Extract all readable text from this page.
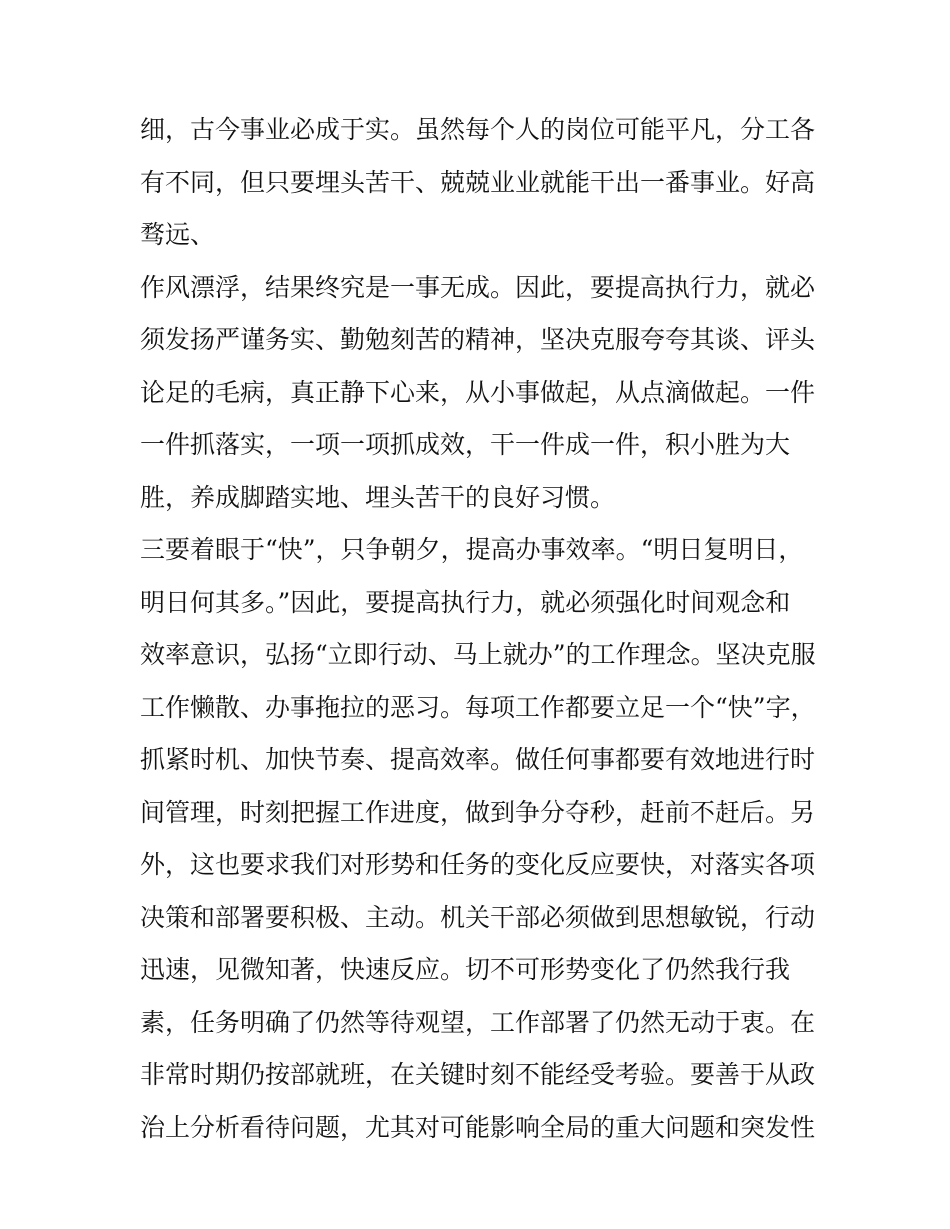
细，古今事业必成于实。虽然每个人的岗位可能平凡，分工各
有不同，但只要埋头苦干、兢兢业业就能干出一番事业。好高
骛远、
作风漂浮，结果终究是一事无成。因此，要提高执行力，就必
须发扬严谨务实、勤勉刻苦的精神，坚决克服夸夸其谈、评头
论足的毛病，真正静下心来，从小事做起，从点滴做起。一件
一件抓落实，一项一项抓成效，干一件成一件，积小胜为大
胜，养成脚踏实地、埋头苦干的良好习惯。
三要着眼于“快”，只争朝夕，提高办事效率。“明日复明日，
明日何其多。”因此，要提高执行力，就必须强化时间观念和
效率意识，弘扬“立即行动、马上就办”的工作理念。坚决克服
工作懒散、办事拖拉的恶习。每项工作都要立足一个“快”字，
抓紧时机、加快节奏、提高效率。做任何事都要有效地进行时
间管理，时刻把握工作进度，做到争分夺秒，赶前不赶后。另
外，这也要求我们对形势和任务的变化反应要快，对落实各项
决策和部署要积极、主动。机关干部必须做到思想敏锐，行动
迅速，见微知著，快速反应。切不可形势变化了仍然我行我
素，任务明确了仍然等待观望，工作部署了仍然无动于衷。在
非常时期仍按部就班，在关键时刻不能经受考验。要善于从政
治上分析看待问题，尤其对可能影响全局的重大问题和突发性
